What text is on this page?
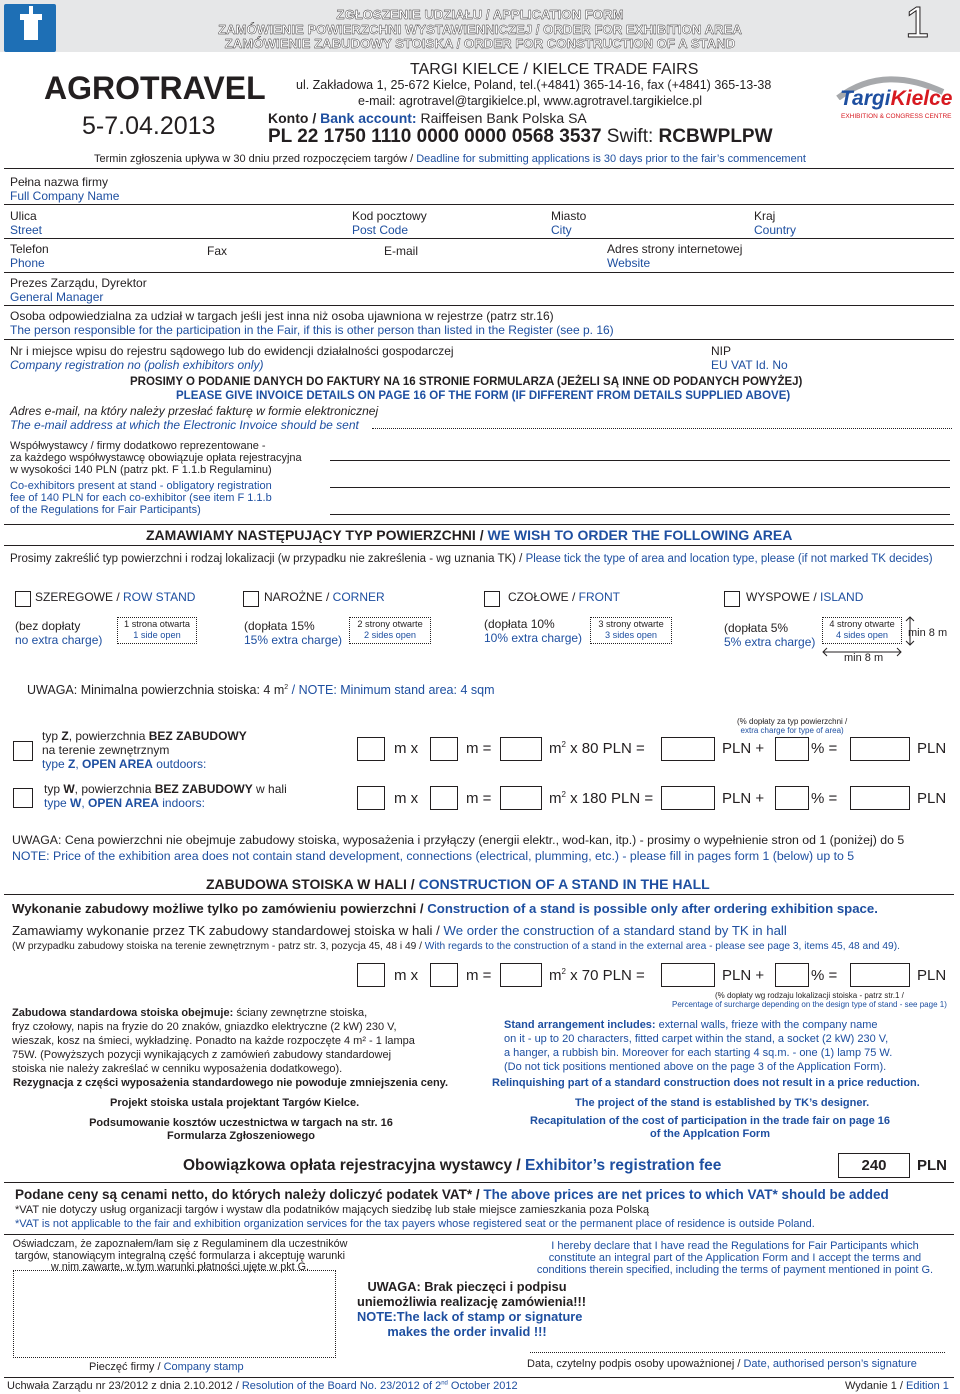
ZGŁOSZENIE UDZIAŁU / APPLICATION FORM
ZAMÓWIENIE POWIERZCHNI WYSTAWIENNICZEJ / ORDER FOR EXHIBITION AREA
ZAMÓWIENIE ZABUDOWY STOISKA / ORDER FOR CONSTRUCTION OF A STAND	1
AGROTRAVEL
5-7.04.2013
TARGI KIELCE / KIELCE TRADE FAIRS
ul. Zakładowa 1, 25-672 Kielce, Poland, tel.(+4841) 365-14-16, fax (+4841) 365-13-38
e-mail: agrotravel@targikielce.pl, www.agrotravel.targikielce.pl
Konto / Bank account: Raiffeisen Bank Polska SA
PL 22 1750 1110 0000 0000 0568 3537 Swift: RCBWPLPW
TargiKielce
EXHIBITION & CONGRESS CENTRE
Termin zgłoszenia upływa w 30 dniu przed rozpoczęciem targów / Deadline for submitting applications is 30 days prior to the fair’s commencement
Pełna nazwa firmy
Full Company Name
Ulica
Street
Kod pocztowy
Post Code
Miasto
City
Kraj
Country
Telefon
Phone
Fax	E-mail	Adres strony internetowej
Website
Prezes Zarządu, Dyrektor
General Manager
Osoba odpowiedzialna za udział w targach jeśli jest inna niż osoba ujawniona w rejestrze (patrz str.16)
The person responsible for the participation in the Fair, if this is other person than listed in the Register (see p. 16)
Nr i miejsce wpisu do rejestru sądowego lub do ewidencji działalności gospodarczej
Company registration no (polish exhibitors only)
NIP
EU VAT Id. No
PROSIMY O PODANIE DANYCH DO FAKTURY NA 16 STRONIE FORMULARZA (JEŻELI SĄ INNE OD PODANYCH POWYŻEJ)
PLEASE GIVE INVOICE DETAILS ON PAGE 16 OF THE FORM (IF DIFFERENT FROM DETAILS SUPPLIED ABOVE)
Adres e-mail, na który należy przesłać fakturę w formie elektronicznej
The e-mail address at which the Electronic Invoice should be sent
Współwystawcy / firmy dodatkowo reprezentowane -
za każdego współwystawcę obowiązuje opłata rejestracyjna
w wysokości 140 PLN (patrz pkt. F 1.1.b Regulaminu)
Co-exhibitors present at stand - obligatory registration
fee of 140 PLN for each co-exhibitor (see item F 1.1.b
of the Regulations for Fair Participants)
ZAMAWIAMY NASTĘPUJĄCY TYP POWIERZCHNI / WE WISH TO ORDER THE FOLLOWING AREA
Prosimy zakreślić typ powierzchni i rodzaj lokalizacji (w przypadku nie zakreślenia - wg uznania TK) / Please tick the type of area and location type, please (if not marked TK decides)
SZEREGOWE / ROW STAND
(bez dopłaty
no extra charge)
1 strona otwarta
1 side open
NAROŻNE / CORNER
(dopłata 15%
15% extra charge)
2 strony otwarte
2 sides open
CZOŁOWE / FRONT
(dopłata 10%
10% extra charge)
3 strony otwarte
3 sides open
WYSPOWE / ISLAND
(dopłata 5%
5% extra charge)
4 strony otwarte
4 sides open	min 8 m
min 8 m
UWAGA: Minimalna powierzchnia stoiska: 4 $m^2$ / NOTE: Minimum stand area: 4 sqm
(% dopłaty za typ powierzchni /
extra charge for type of area)
typ Z, powierzchnia BEZ ZABUDOWY
na terenie zewnętrznym
type Z, OPEN AREA outdoors:
typ W, powierzchnia BEZ ZABUDOWY w hali
type W, OPEN AREA indoors:
m x	m =	$m^2$ x 80 PLN =	PLN +	% =	PLN
m x	m =	$m^2$ x 180 PLN =	PLN +	% =	PLN
UWAGA: Cena powierzchni nie obejmuje zabudowy stoiska, wyposażenia i przyłączy (energii elektr., wod-kan, itp.) - prosimy o wypełnienie stron od 1 (poniżej) do 5
NOTE: Price of the exhibition area does not contain stand development, connections (electrical, plumming, etc.) - please fill in pages form 1 (below) up to 5
ZABUDOWA STOISKA W HALI / CONSTRUCTION OF A STAND IN THE HALL
Wykonanie zabudowy możliwe tylko po zamówieniu powierzchni / Construction of a stand is possible only after ordering exhibition space.
Zamawiamy wykonanie przez TK zabudowy standardowej stoiska w hali / We order the construction of a standard stand by TK in hall
(W przypadku zabudowy stoiska na terenie zewnętrznym - patrz str. 3, pozycja 45, 48 i 49 / With regards to the construction of a stand in the external area - please see page 3, items 45, 48 and 49).
m x	m =	$m^2$ x 70 PLN =	PLN +	% =	PLN
(% dopłaty wg rodzaju lokalizacji stoiska - patrz str.1 /
Percentage of surcharge depending on the design type of stand - see page 1)
Zabudowa standardowa stoiska obejmuje: ściany zewnętrzne stoiska,
fryz czołowy, napis na fryzie do 20 znaków, gniazdko elektryczne (2 kW) 230 V,
wieszak, kosz na śmieci, wykładzinę. Ponadto na każde rozpoczęte 4 m² - 1 lampa
75W. (Powyższych pozycji wynikających z zamówień zabudowy standardowej
stoiska nie należy zakreślać w cenniku wyposażenia dodatkowego).
Stand arrangement includes: external walls, frieze with the company name
on it - up to 20 characters, fitted carpet within the stand, a socket (2 kW) 230 V,
a hanger, a rubbish bin. Moreover for each starting 4 sq.m. - one (1) lamp 75 W.
(Do not tick positions mentioned above on the page 3 of the Application Form).
Rezygnacja z części wyposażenia standardowego nie powoduje zmniejszenia ceny.	Relinquishing part of a standard construction does not result in a price reduction.
Projekt stoiska ustala projektant Targów Kielce.	The project of the stand is established by TK’s designer.
Podsumowanie kosztów uczestnictwa w targach na str. 16
Formularza Zgłoszeniowego
Recapitulation of the cost of participation in the trade fair on page 16
of the Applcation Form
Obowiązkowa opłata rejestracyjna wystawcy / Exhibitor’s registration fee	240	PLN
Podane ceny są cenami netto, do których należy doliczyć podatek VAT* / The above prices are net prices to which VAT* should be added
*VAT nie dotyczy usług organizacji targów i wystaw dla podatników mających siedzibę lub stałe miejsce zamieszkania poza Polską
*VAT is not applicable to the fair and exhibition organization services for the tax payers whose registered seat or the permanent place of residence is outside Poland.
Oświadczam, że zapoznałem/łam się z Regulaminem dla uczestników
targów, stanowiącym integralną część formularza i akceptuję warunki
w nim zawarte, w tym warunki płatności ujęte w pkt G.
I hereby declare that I have read the Regulations for Fair Participants which
constitute an integral part of the Application Form and I accept the terms and
conditions therein specified, including the terms of payment mentioned in point G.
UWAGA: Brak pieczęci i podpisu
uniemożliwia realizację zamówienia!!!
NOTE:The lack of stamp or signature
makes the order invalid !!!
Pieczęć firmy / Company stamp	Data, czytelny podpis osoby upoważnionej / Date, authorised person’s signature
Uchwała Zarządu nr 23/2012 z dnia 2.10.2012 / Resolution of the Board No. 23/2012 of 2nd October 2012	Wydanie 1 / Edition 1
